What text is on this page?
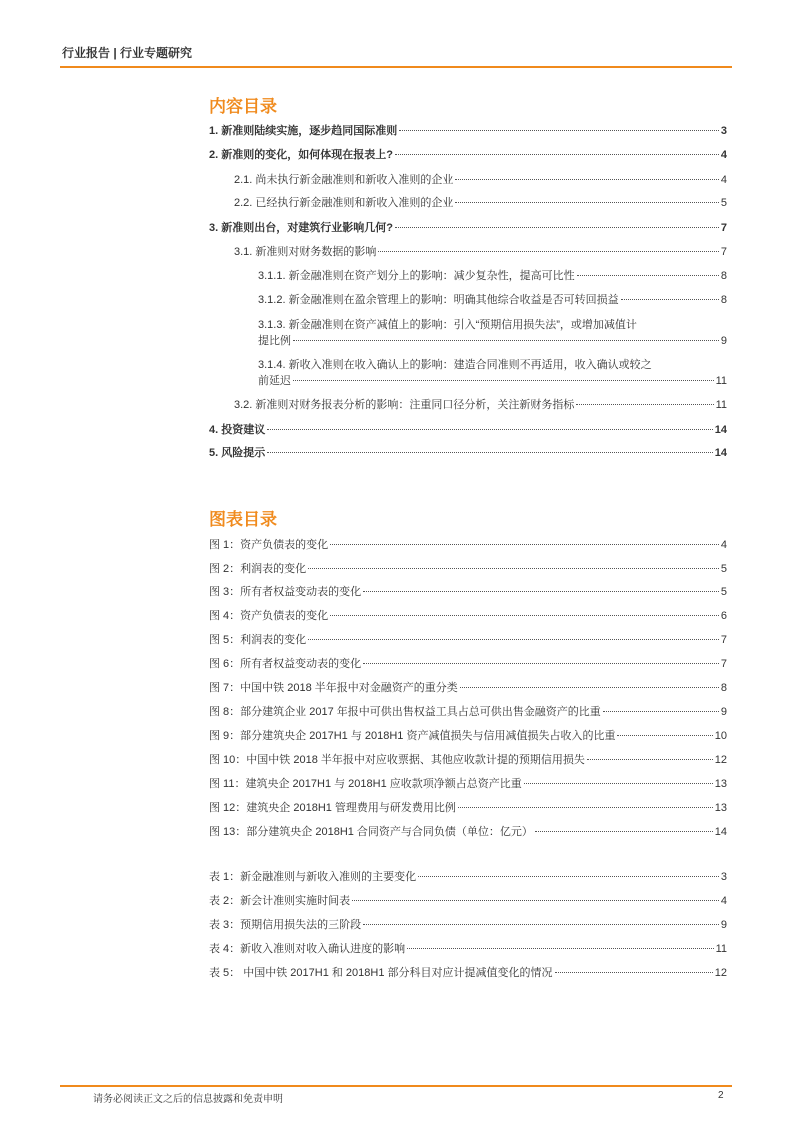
行业报告 | 行业专题研究
内容目录
1. 新准则陆续实施，逐步趋同国际准则	3
2. 新准则的变化，如何体现在报表上?	4
2.1. 尚未执行新金融准则和新收入准则的企业	4
2.2. 已经执行新金融准则和新收入准则的企业	5
3. 新准则出台，对建筑行业影响几何?	7
3.1. 新准则对财务数据的影响	7
3.1.1. 新金融准则在资产划分上的影响：减少复杂性，提高可比性	8
3.1.2. 新金融准则在盈余管理上的影响：明确其他综合收益是否可转回损益	8
3.1.3. 新金融准则在资产减值上的影响：引入“预期信用损失法”，或增加减值计
提比例	9
3.1.4. 新收入准则在收入确认上的影响：建造合同准则不再适用，收入确认或较之
前延迟	11
3.2. 新准则对财务报表分析的影响：注重同口径分析，关注新财务指标	11
4. 投资建议	14
5. 风险提示	14
图表目录
图 1：资产负债表的变化	4
图 2：利润表的变化	5
图 3：所有者权益变动表的变化	5
图 4：资产负债表的变化	6
图 5：利润表的变化	7
图 6：所有者权益变动表的变化	7
图 7：中国中铁 2018 半年报中对金融资产的重分类	8
图 8：部分建筑企业 2017 年报中可供出售权益工具占总可供出售金融资产的比重	9
图 9：部分建筑央企 2017H1 与 2018H1 资产减值损失与信用减值损失占收入的比重	10
图 10：中国中铁 2018 半年报中对应收票据、其他应收款计提的预期信用损失	12
图 11：建筑央企 2017H1 与 2018H1 应收款项净额占总资产比重	13
图 12：建筑央企 2018H1 管理费用与研发费用比例	13
图 13：部分建筑央企 2018H1 合同资产与合同负债（单位：亿元）	14
表 1：新金融准则与新收入准则的主要变化	3
表 2：新会计准则实施时间表	4
表 3：预期信用损失法的三阶段	9
表 4：新收入准则对收入确认进度的影响	11
表 5： 中国中铁 2017H1 和 2018H1 部分科目对应计提减值变化的情况	12
请务必阅读正文之后的信息披露和免责申明	2
